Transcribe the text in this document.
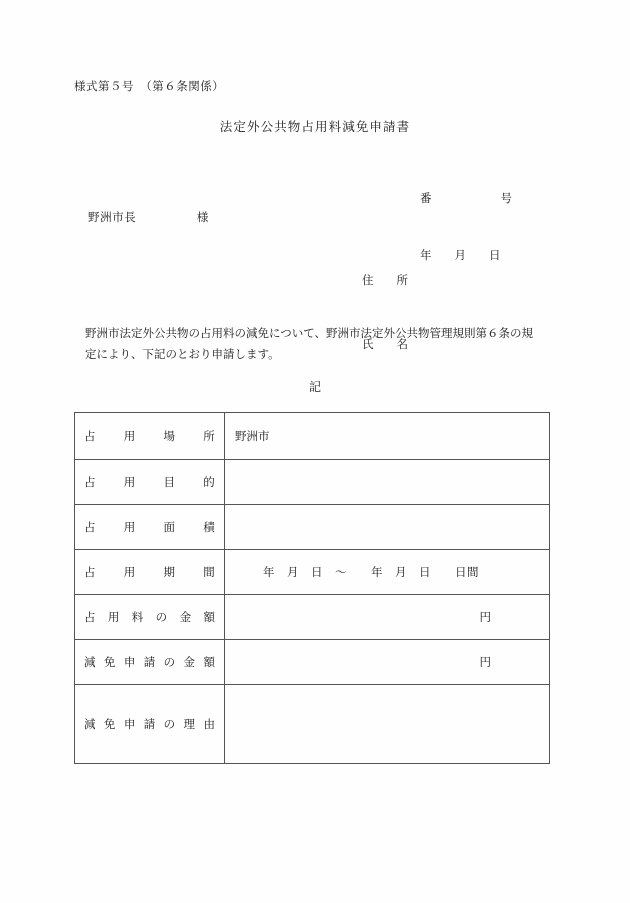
様式第５号　（第６条関係）
法定外公共物占用料減免申請書

番　　　　　　号

年　　月　　日

野洲市長　　　　　様

住　　所

氏　　名

野洲市法定外公共物の占用料の減免について、野洲市法定外公共物管理規則第６条の規
定により、下記のとおり申請します。
記
占 用 場 所	野洲市

占 用 目 的	

占 用 面 積	

占 用 期 間	年　月　日　～　　年　月　日　　日間

占 用 料 の 金 額	円

減 免 申 請 の 金 額	円

減 免 申 請 の 理 由
